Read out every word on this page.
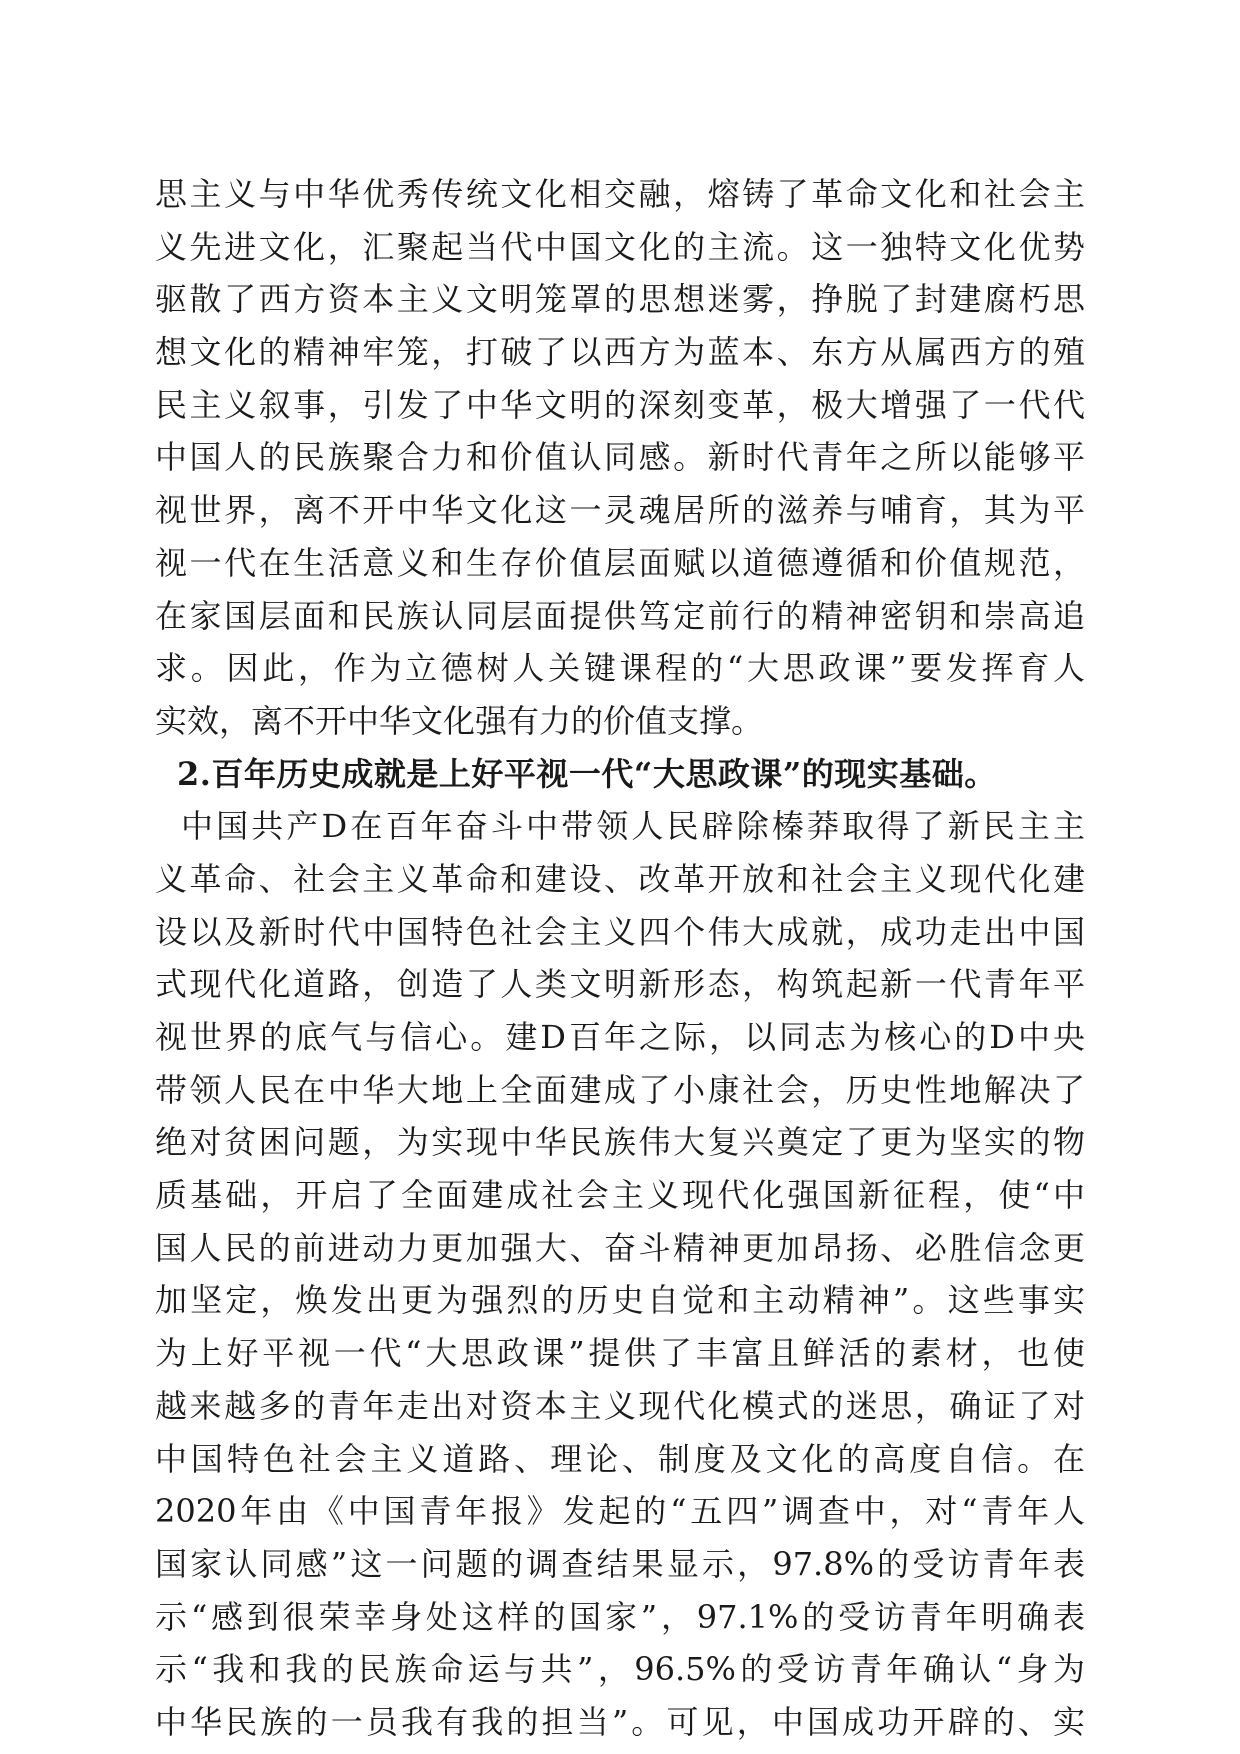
思主义与中华优秀传统文化相交融，熔铸了革命文化和社会主
义先进文化，汇聚起当代中国文化的主流。这一独特文化优势
驱散了西方资本主义文明笼罩的思想迷雾，挣脱了封建腐朽思
想文化的精神牢笼，打破了以西方为蓝本、东方从属西方的殖
民主义叙事，引发了中华文明的深刻变革，极大增强了一代代
中国人的民族聚合力和价值认同感。新时代青年之所以能够平
视世界，离不开中华文化这一灵魂居所的滋养与哺育，其为平
视一代在生活意义和生存价值层面赋以道德遵循和价值规范，
在家国层面和民族认同层面提供笃定前行的精神密钥和崇高追
求。因此，作为立德树人关键课程的“大思政课”要发挥育人
实效，离不开中华文化强有力的价值支撑。
2.百年历史成就是上好平视一代“大思政课”的现实基础。
中国共产D在百年奋斗中带领人民辟除榛莽取得了新民主主
义革命、社会主义革命和建设、改革开放和社会主义现代化建
设以及新时代中国特色社会主义四个伟大成就，成功走出中国
式现代化道路，创造了人类文明新形态，构筑起新一代青年平
视世界的底气与信心。建D百年之际，以同志为核心的D中央
带领人民在中华大地上全面建成了小康社会，历史性地解决了
绝对贫困问题，为实现中华民族伟大复兴奠定了更为坚实的物
质基础，开启了全面建成社会主义现代化强国新征程，使“中
国人民的前进动力更加强大、奋斗精神更加昂扬、必胜信念更
加坚定，焕发出更为强烈的历史自觉和主动精神”。这些事实
为上好平视一代“大思政课”提供了丰富且鲜活的素材，也使
越来越多的青年走出对资本主义现代化模式的迷思，确证了对
中国特色社会主义道路、理论、制度及文化的高度自信。在
2020年由《中国青年报》发起的“五四”调查中，对“青年人
国家认同感”这一问题的调查结果显示，97.8%的受访青年表
示“感到很荣幸身处这样的国家”，97.1%的受访青年明确表
示“我和我的民族命运与共”，96.5%的受访青年确认“身为
中华民族的一员我有我的担当”。可见，中国成功开辟的、实
